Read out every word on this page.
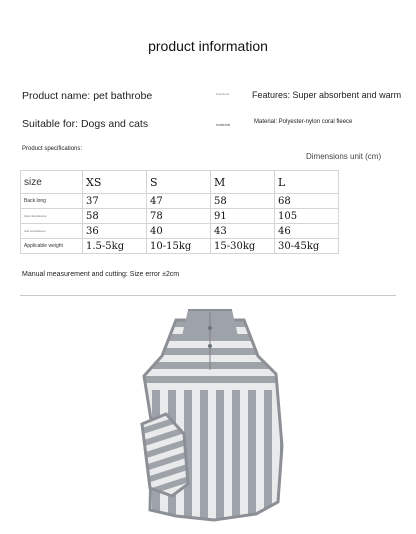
product information
Product name: pet bathrobe	Functions	Features: Super absorbent and warm
Suitable for: Dogs and cats	material	Material: Polyester-nylon coral fleece
Product specifications:
Dimensions unit (cm)
size	XS	S	M	L
Back long	37	47	58	68
chest circumference	58	78	91	105
neck circumference	36	40	43	46
Applicable weight	1.5-5kg	10-15kg	15-30kg	30-45kg
Manual measurement and cutting: Size error ±2cm
